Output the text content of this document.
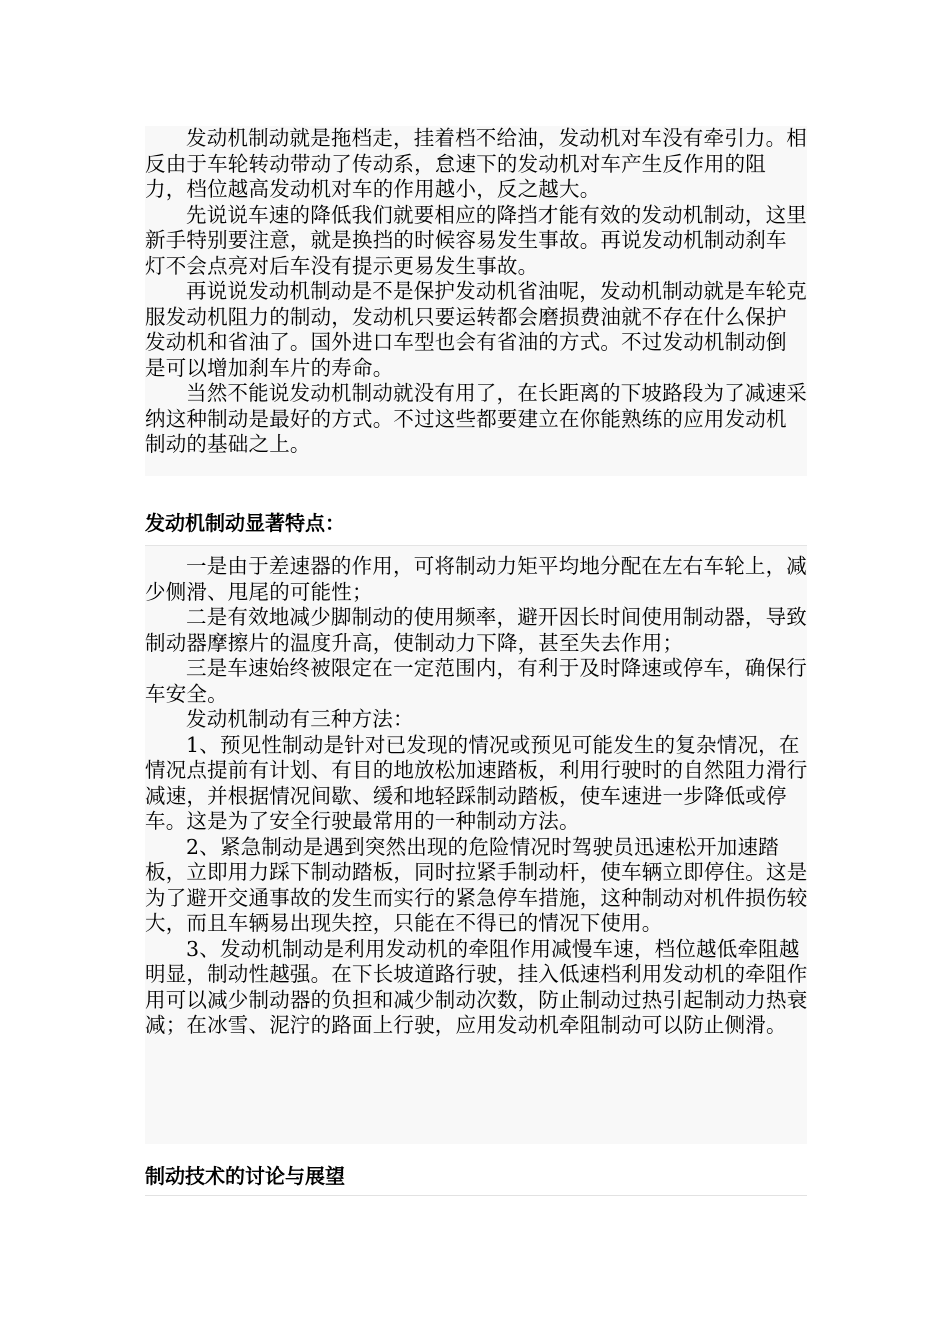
发动机制动就是拖档走，挂着档不给油，发动机对车没有牵引力。相反由于车轮转动带动了传动系，怠速下的发动机对车产生反作用的阻力，档位越高发动机对车的作用越小，反之越大。

先说说车速的降低我们就要相应的降挡才能有效的发动机制动，这里新手特别要注意，就是换挡的时候容易发生事故。再说发动机制动刹车灯不会点亮对后车没有提示更易发生事故。

再说说发动机制动是不是保护发动机省油呢，发动机制动就是车轮克服发动机阻力的制动，发动机只要运转都会磨损费油就不存在什么保护发动机和省油了。国外进口车型也会有省油的方式。不过发动机制动倒是可以增加刹车片的寿命。

当然不能说发动机制动就没有用了，在长距离的下坡路段为了减速采纳这种制动是最好的方式。不过这些都要建立在你能熟练的应用发动机制动的基础之上。

发动机制动显著特点：

一是由于差速器的作用，可将制动力矩平均地分配在左右车轮上，减少侧滑、甩尾的可能性；

二是有效地减少脚制动的使用频率，避开因长时间使用制动器，导致制动器摩擦片的温度升高，使制动力下降，甚至失去作用；

三是车速始终被限定在一定范围内，有利于及时降速或停车，确保行车安全。

发动机制动有三种方法：

1、预见性制动是针对已发现的情况或预见可能发生的复杂情况，在情况点提前有计划、有目的地放松加速踏板，利用行驶时的自然阻力滑行减速，并根据情况间歇、缓和地轻踩制动踏板，使车速进一步降低或停车。这是为了安全行驶最常用的一种制动方法。

2、紧急制动是遇到突然出现的危险情况时驾驶员迅速松开加速踏板，立即用力踩下制动踏板，同时拉紧手制动杆，使车辆立即停住。这是为了避开交通事故的发生而实行的紧急停车措施，这种制动对机件损伤较大，而且车辆易出现失控，只能在不得已的情况下使用。

3、发动机制动是利用发动机的牵阻作用减慢车速，档位越低牵阻越明显，制动性越强。在下长坡道路行驶，挂入低速档利用发动机的牵阻作用可以减少制动器的负担和减少制动次数，防止制动过热引起制动力热衰减；在冰雪、泥泞的路面上行驶，应用发动机牵阻制动可以防止侧滑。

制动技术的讨论与展望
